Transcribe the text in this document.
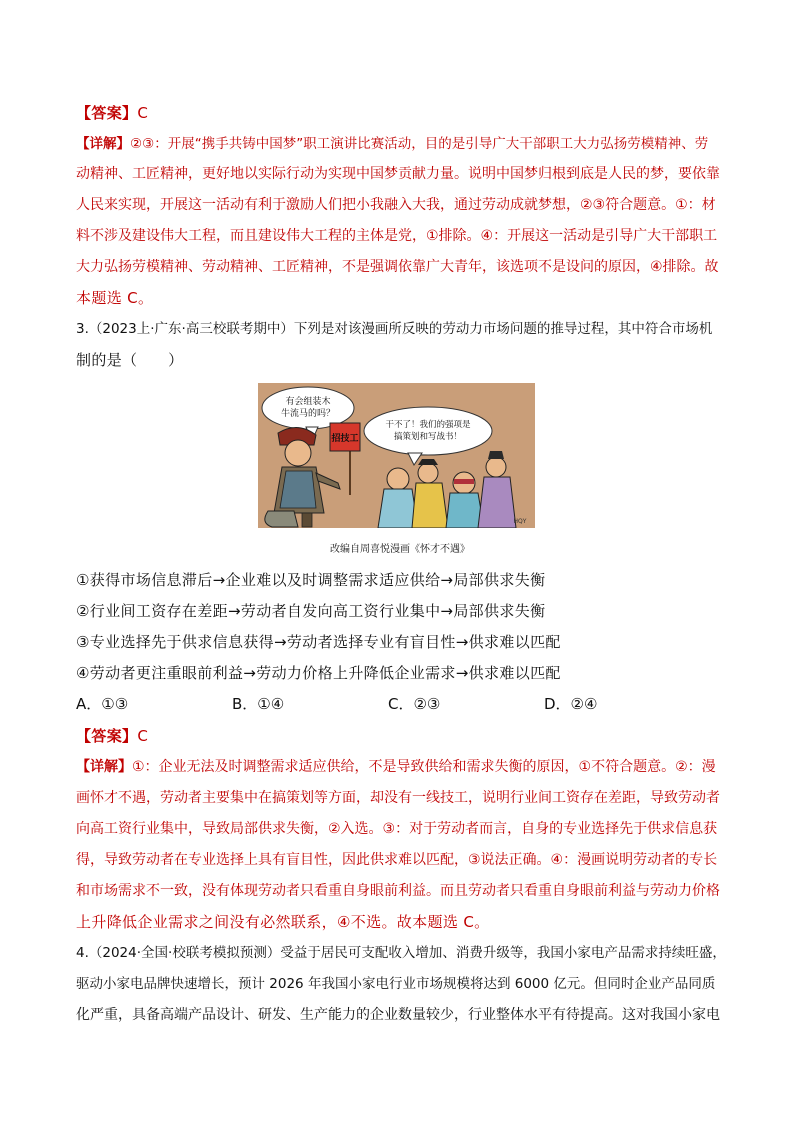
【答案】C
【详解】②③：开展“携手共铸中国梦”职工演讲比赛活动，目的是引导广大干部职工大力弘扬劳模精神、劳
动精神、工匠精神，更好地以实际行动为实现中国梦贡献力量。说明中国梦归根到底是人民的梦，要依靠
人民来实现，开展这一活动有利于激励人们把小我融入大我，通过劳动成就梦想，②③符合题意。①：材
料不涉及建设伟大工程，而且建设伟大工程的主体是党，①排除。④：开展这一活动是引导广大干部职工
大力弘扬劳模精神、劳动精神、工匠精神，不是强调依靠广大青年，该选项不是设问的原因，④排除。故
本题选 C。
3.（2023上·广东·高三校联考期中）下列是对该漫画所反映的劳动力市场问题的推导过程，其中符合市场机
制的是（　　）
有会组装木
牛流马的吗？
干不了！我们的强项是
搞策划和写战书！
招技工
HQY
改编自周喜悦漫画《怀才不遇》
①获得市场信息滞后→企业难以及时调整需求适应供给→局部供求失衡
②行业间工资存在差距→劳动者自发向高工资行业集中→局部供求失衡
③专业选择先于供求信息获得→劳动者选择专业有盲目性→供求难以匹配
④劳动者更注重眼前利益→劳动力价格上升降低企业需求→供求难以匹配
A．①③	B．①④	C．②③	D．②④
【答案】C
【详解】①：企业无法及时调整需求适应供给，不是导致供给和需求失衡的原因，①不符合题意。②：漫
画怀才不遇，劳动者主要集中在搞策划等方面，却没有一线技工，说明行业间工资存在差距，导致劳动者
向高工资行业集中，导致局部供求失衡，②入选。③：对于劳动者而言，自身的专业选择先于供求信息获
得，导致劳动者在专业选择上具有盲目性，因此供求难以匹配，③说法正确。④：漫画说明劳动者的专长
和市场需求不一致，没有体现劳动者只看重自身眼前利益。而且劳动者只看重自身眼前利益与劳动力价格
上升降低企业需求之间没有必然联系，④不选。故本题选 C。
4.（2024·全国·校联考模拟预测）受益于居民可支配收入增加、消费升级等，我国小家电产品需求持续旺盛，
驱动小家电品牌快速增长，预计 2026 年我国小家电行业市场规模将达到 6000 亿元。但同时企业产品同质
化严重，具备高端产品设计、研发、生产能力的企业数量较少，行业整体水平有待提高。这对我国小家电
